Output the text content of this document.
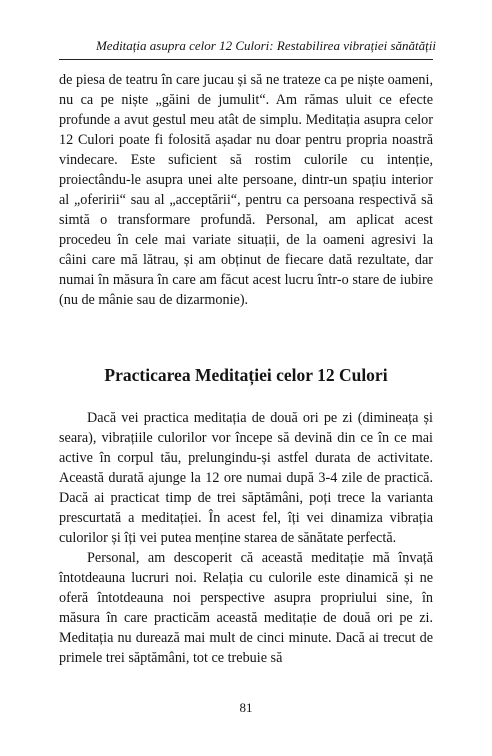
Meditația asupra celor 12 Culori: Restabilirea vibrației sănătății

de piesa de teatru în care jucau și să ne trateze ca pe niște oameni, nu ca pe niște „găini de jumulit“. Am rămas uluit ce efecte profunde a avut gestul meu atât de simplu. Meditația asupra celor 12 Culori poate fi folosită așadar nu doar pentru propria noastră vindecare. Este suficient să rostim culorile cu intenție, proiectându-le asupra unei alte persoane, dintr-un spațiu interior al „oferirii“ sau al „acceptării“, pentru ca persoana respectivă să simtă o transformare profundă. Personal, am aplicat acest procedeu în cele mai variate situații, de la oameni agresivi la câini care mă lătrau, și am obținut de fiecare dată rezultate, dar numai în măsura în care am făcut acest lucru într-o stare de iubire (nu de mânie sau de dizarmonie).

Practicarea Meditației celor 12 Culori

Dacă vei practica meditația de două ori pe zi (dimineața și seara), vibrațiile culorilor vor începe să devină din ce în ce mai active în corpul tău, prelungindu-și astfel durata de activitate. Această durată ajunge la 12 ore numai după 3-4 zile de practică. Dacă ai practicat timp de trei săptămâni, poți trece la varianta prescurtată a meditației. În acest fel, îți vei dinamiza vibrația culorilor și îți vei putea menține starea de sănătate perfectă.

Personal, am descoperit că această meditație mă învață întotdeauna lucruri noi. Relația cu culorile este dinamică și ne oferă întotdeauna noi perspective asupra propriului sine, în măsura în care practicăm această meditație de două ori pe zi. Meditația nu durează mai mult de cinci minute. Dacă ai trecut de primele trei săptămâni, tot ce trebuie să

81
